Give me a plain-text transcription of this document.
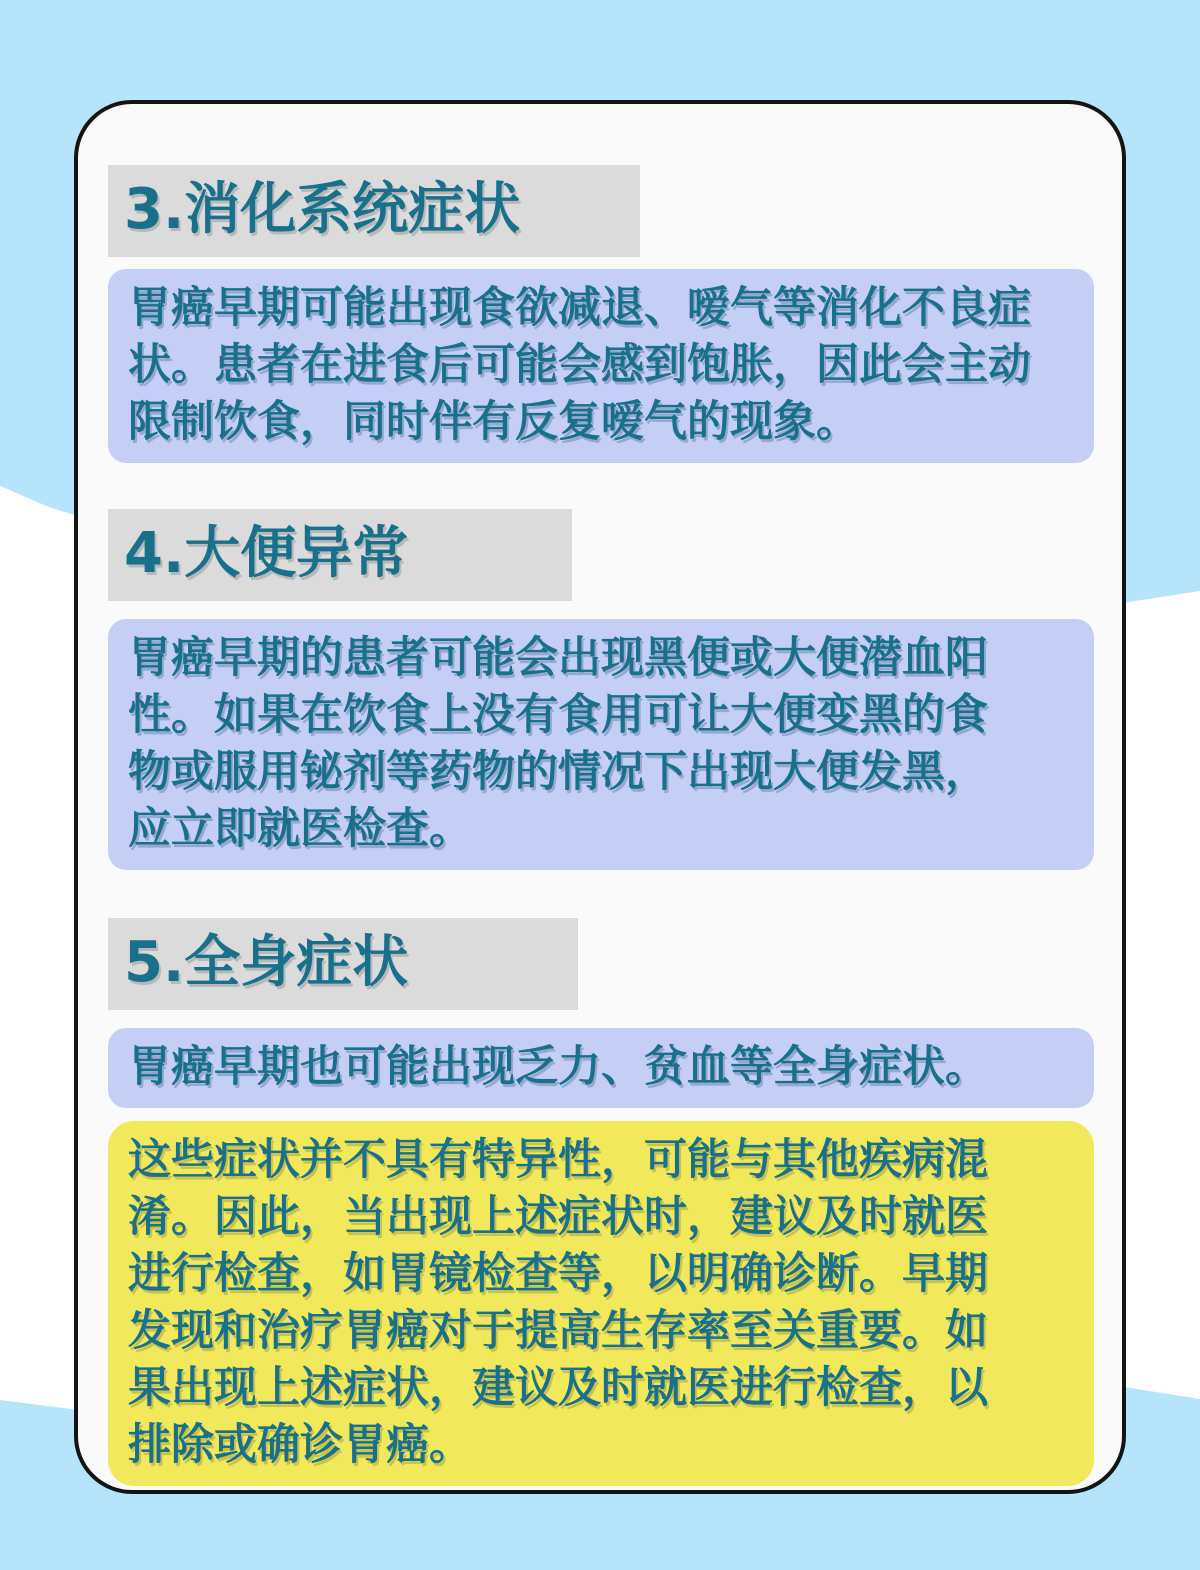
3.消化系统症状
胃癌早期可能出现食欲减退、嗳气等消化不良症
状。患者在进食后可能会感到饱胀，因此会主动
限制饮食，同时伴有反复嗳气的现象。
4.大便异常
胃癌早期的患者可能会出现黑便或大便潜血阳
性。如果在饮食上没有食用可让大便变黑的食
物或服用铋剂等药物的情况下出现大便发黑，
应立即就医检查。
5.全身症状
胃癌早期也可能出现乏力、贫血等全身症状。
这些症状并不具有特异性，可能与其他疾病混
淆。因此，当出现上述症状时，建议及时就医
进行检查，如胃镜检查等，以明确诊断。早期
发现和治疗胃癌对于提高生存率至关重要。如
果出现上述症状，建议及时就医进行检查，以
排除或确诊胃癌。
